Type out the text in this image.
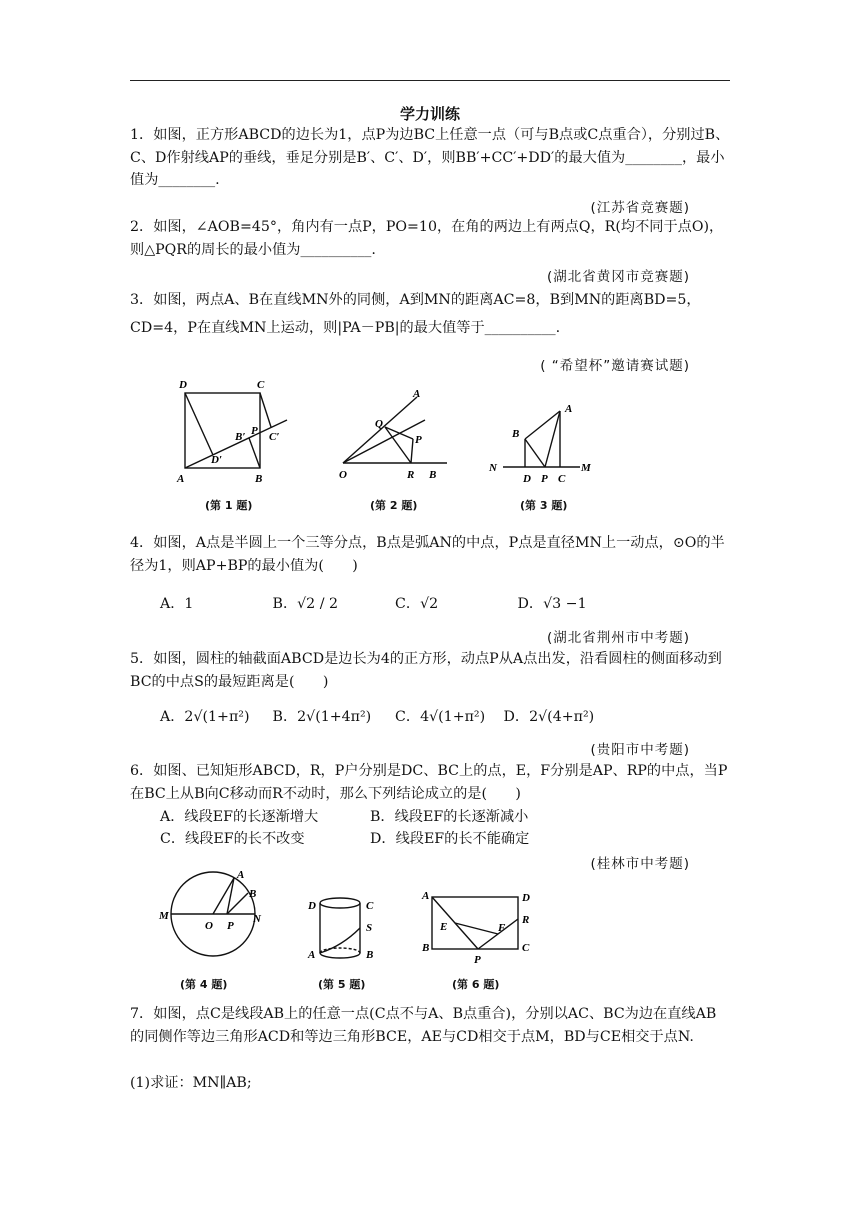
学力训练
1．如图，正方形ABCD的边长为1，点P为边BC上任意一点（可与B点或C点重合），分别过B、C、D作射线AP的垂线，垂足分别是B′、C′、D′，则BB′+CC′+DD′的最大值为________，最小值为________.
(江苏省竞赛题)
2．如图，∠AOB=45°，角内有一点P，PO=10，在角的两边上有两点Q，R(均不同于点O)，则△PQR的周长的最小值为__________.
(湖北省黄冈市竞赛题)
3．如图，两点A、B在直线MN外的同侧，A到MN的距离AC=8，B到MN的距离BD=5，CD=4，P在直线MN上运动，则|PA－PB|的最大值等于__________.
( “希望杯”邀请赛试题)
D	C
B′ P C′
D′
A	B
(第 1 题)
A
Q
P
O	R B
(第 2 题)
A
B
N
D P C
M
(第 3 题)
4．如图，A点是半圆上一个三等分点，B点是弧AN的中点，P点是直径MN上一动点，⊙O的半径为1，则AP+BP的最小值为(　　)
A．1	B．√2 / 2	C．√2	D．√3 −1
(湖北省荆州市中考题)
5．如图，圆柱的轴截面ABCD是边长为4的正方形，动点P从A点出发，沿看圆柱的侧面移动到BC的中点S的最短距离是(　　)
A．2√(1+π²) B．2√(1+4π²) C．4√(1+π²) D．2√(4+π²)
(贵阳市中考题)
6．如图、已知矩形ABCD，R，P户分别是DC、BC上的点，E，F分别是AP、RP的中点，当P在BC上从B向C移动而R不动时，那么下列结论成立的是(　　)
A．线段EF的长逐渐增大	B．线段EF的长逐渐减小
C．线段EF的长不改变	D．线段EF的长不能确定
(桂林市中考题)
A
B
M
O P
N
(第 4 题)
D	C
S
A	B
(第 5 题)
A	D
R
E	F
B
P
C
(第 6 题)
7．如图，点C是线段AB上的任意一点(C点不与A、B点重合)，分别以AC、BC为边在直线AB的同侧作等边三角形ACD和等边三角形BCE，AE与CD相交于点M，BD与CE相交于点N.
(1)求证：MN∥AB;
